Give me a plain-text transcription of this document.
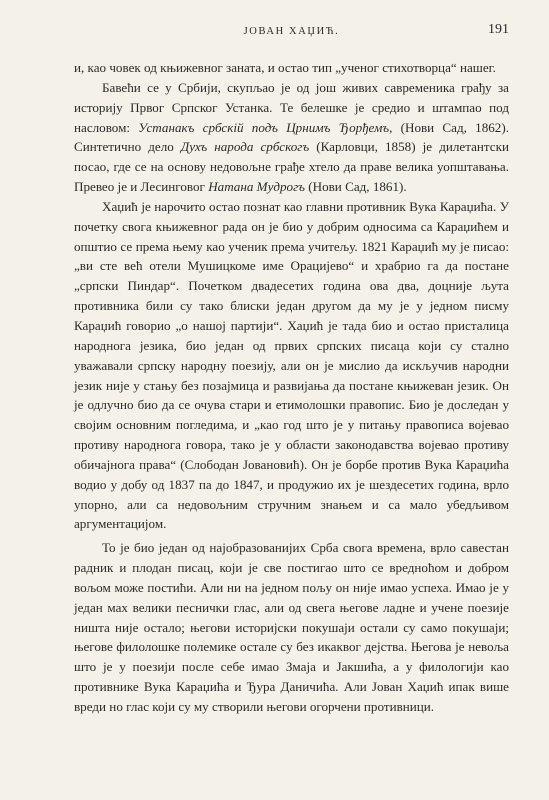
ЈОВАН ХАЏИЋ.	191

и, као човек од књижевног заната, и остао тип „ученог стихотворца“ нашег.

Бавећи се у Србији, скупљао је од још живих савременика грађу за историју Првог Српског Устанка. Те белешке је средио и штампао под насловом: Устанакъ србскій подъ Црнимъ Ђорђемъ, (Нови Сад, 1862). Синтетично дело Духъ народа србскогъ (Карловци, 1858) је дилетантски посао, где се на основу недовољне грађе хтело да праве велика уопштавања. Превео је и Лесинговог Натана Мудрогъ (Нови Сад, 1861).

Хаџић је нарочито остао познат као главни противник Вука Караџића. У почетку свога књижевног рада он је био у добрим односима са Караџићем и општио се према њему као ученик према учитељу. 1821 Караџић му је писао: „ви сте већ отели Мушицкоме име Орацијево“ и храбрио га да постане „српски Пиндар“. Почетком двадесетих година ова два, доцније љута противника били су тако блиски један другом да му је у једном писму Караџић говорио „о нашој партији“. Хаџић је тада био и остао присталица народнога језика, био један од првих српских писаца који су стално уважавали српску народну поезију, али он је мислио да искључив народни језик није у стању без позајмица и развијања да постане књижеван језик. Он је одлучно био да се очува стари и етимолошки правопис. Био је доследан у својим основним погледима, и „као год што је у питању правописа војевао противу народнога говора, тако је у области законодавства војевао противу обичајнога права“ (Слободан Јовановић). Он је борбе против Вука Караџића водио у добу од 1837 па до 1847, и продужио их је шездесетих година, врло упорно, али са недовољним стручним знањем и са мало убедљивом аргументацијом.

То је био један од најобразованијих Срба свога времена, врло савестан радник и плодан писац, који је све постигао што се вредноћом и добром вољом може постићи. Али ни на једном пољу он није имао успеха. Имао је у један мах велики песнички глас, али од свега његове ладне и учене поезије ништа није остало; његови историјски покушаји остали су само покушаји; његове филолошке полемике остале су без икаквог дејства. Његова је невоља што је у поезији после себе имао Змаја и Јакшића, а у филологији као противнике Вука Караџића и Ђура Даничића. Али Јован Хаџић ипак више вреди но глас који су му створили његови огорчени противници.
